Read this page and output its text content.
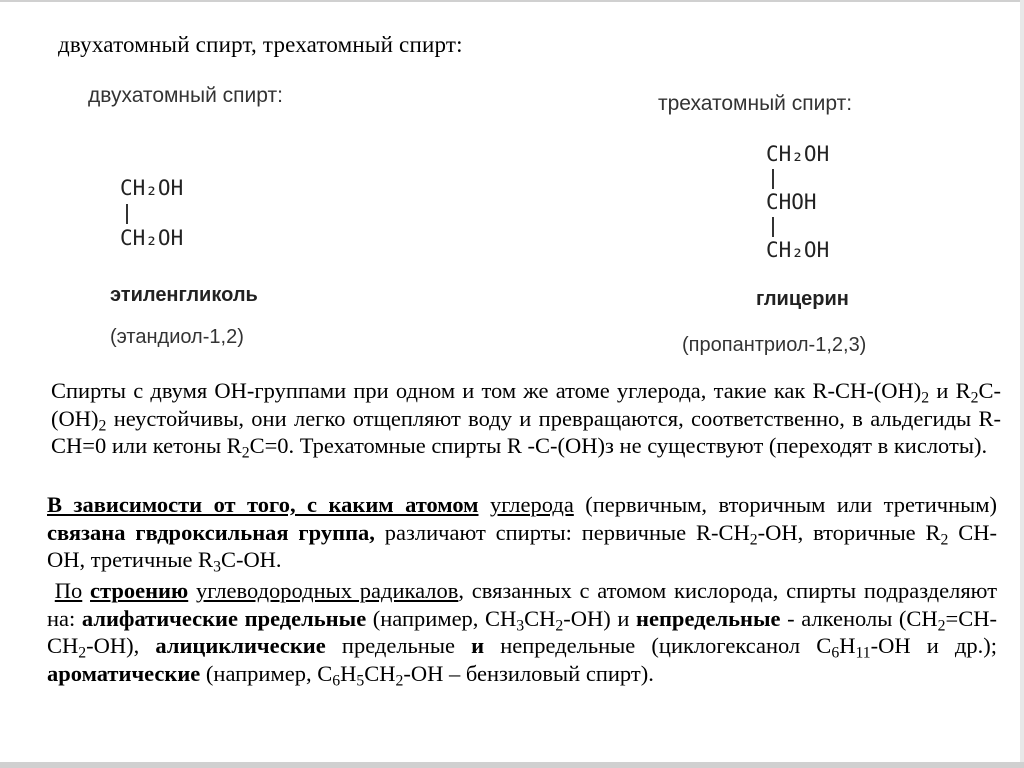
двухатомный спирт, трехатомный спирт:
двухатомный спирт:	трехатомный спирт:
CH₂OH
CH₂OH
CH₂OH
CHOH
CH₂OH
этиленгликоль
(этандиол-1,2)
глицерин
(пропантриол-1,2,3)
Спирты с двумя ОН-группами при одном и том же атоме углерода, такие как $R-СН-(ОН)_2$ и $R_2С-(ОН)_2$ неустойчивы, они легко отщепляют воду и превращаются, соответственно, в альдегиды R-СН=0 или кетоны $R_2С=0$. Трехатомные спирты R -С-(ОН)з не существуют (переходят в кислоты).
В зависимости от того, с каким атомом углерода (первичным, вторичным или третичным) связана гвдроксильная группа, различают спирты: первичные $R-CH_2-ОН$, вторичные $R_2$ СН-ОН, третичные $R_3С-ОН$.
По строению углеводородных радикалов, связанных с атомом кислорода, спирты подразделяют на: алифатические предельные (например, $CH_3CH_2-OH$) и непредельные - алкенолы $(СН_2=СН-СН_2-ОН)$, алициклические предельные и непредельные (циклогексанол $С_6Н_{11}-ОН$ и др.); ароматические (например, $С_6Н_5СН_2-ОН$ – бензиловый спирт).
